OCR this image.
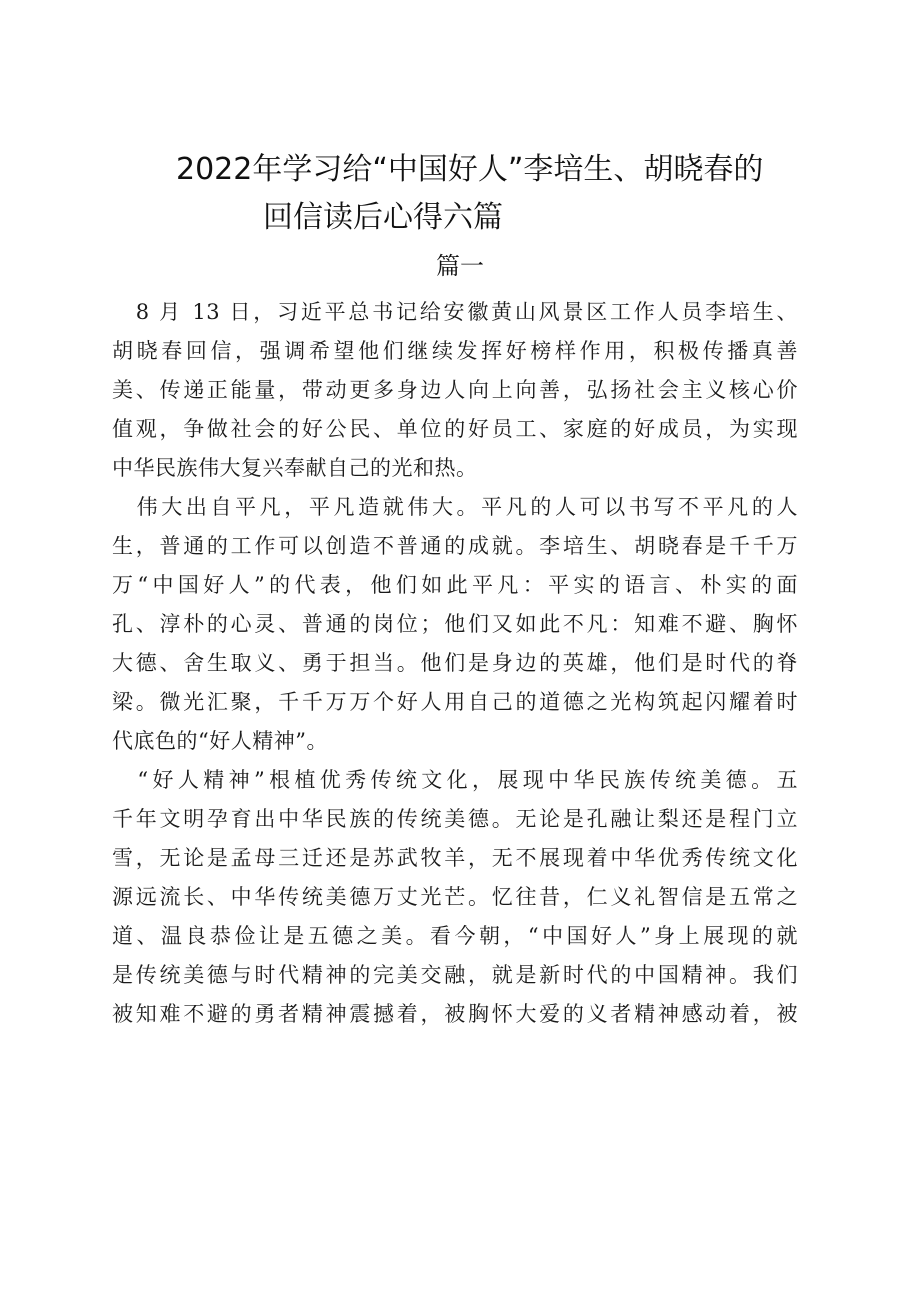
2022年学习给“中国好人”李培生、胡晓春的
回信读后心得六篇
篇一
　8 月 13 日，习近平总书记给安徽黄山风景区工作人员李培生、
胡晓春回信，强调希望他们继续发挥好榜样作用，积极传播真善
美、传递正能量，带动更多身边人向上向善，弘扬社会主义核心价
值观，争做社会的好公民、单位的好员工、家庭的好成员，为实现
中华民族伟大复兴奉献自己的光和热。
　伟大出自平凡，平凡造就伟大。平凡的人可以书写不平凡的人
生，普通的工作可以创造不普通的成就。李培生、胡晓春是千千万
万“中国好人”的代表，他们如此平凡：平实的语言、朴实的面
孔、淳朴的心灵、普通的岗位；他们又如此不凡：知难不避、胸怀
大德、舍生取义、勇于担当。他们是身边的英雄，他们是时代的脊
梁。微光汇聚，千千万万个好人用自己的道德之光构筑起闪耀着时
代底色的“好人精神”。
　“好人精神”根植优秀传统文化，展现中华民族传统美德。五
千年文明孕育出中华民族的传统美德。无论是孔融让梨还是程门立
雪，无论是孟母三迁还是苏武牧羊，无不展现着中华优秀传统文化
源远流长、中华传统美德万丈光芒。忆往昔，仁义礼智信是五常之
道、温良恭俭让是五德之美。看今朝，“中国好人”身上展现的就
是传统美德与时代精神的完美交融，就是新时代的中国精神。我们
被知难不避的勇者精神震撼着，被胸怀大爱的义者精神感动着，被
